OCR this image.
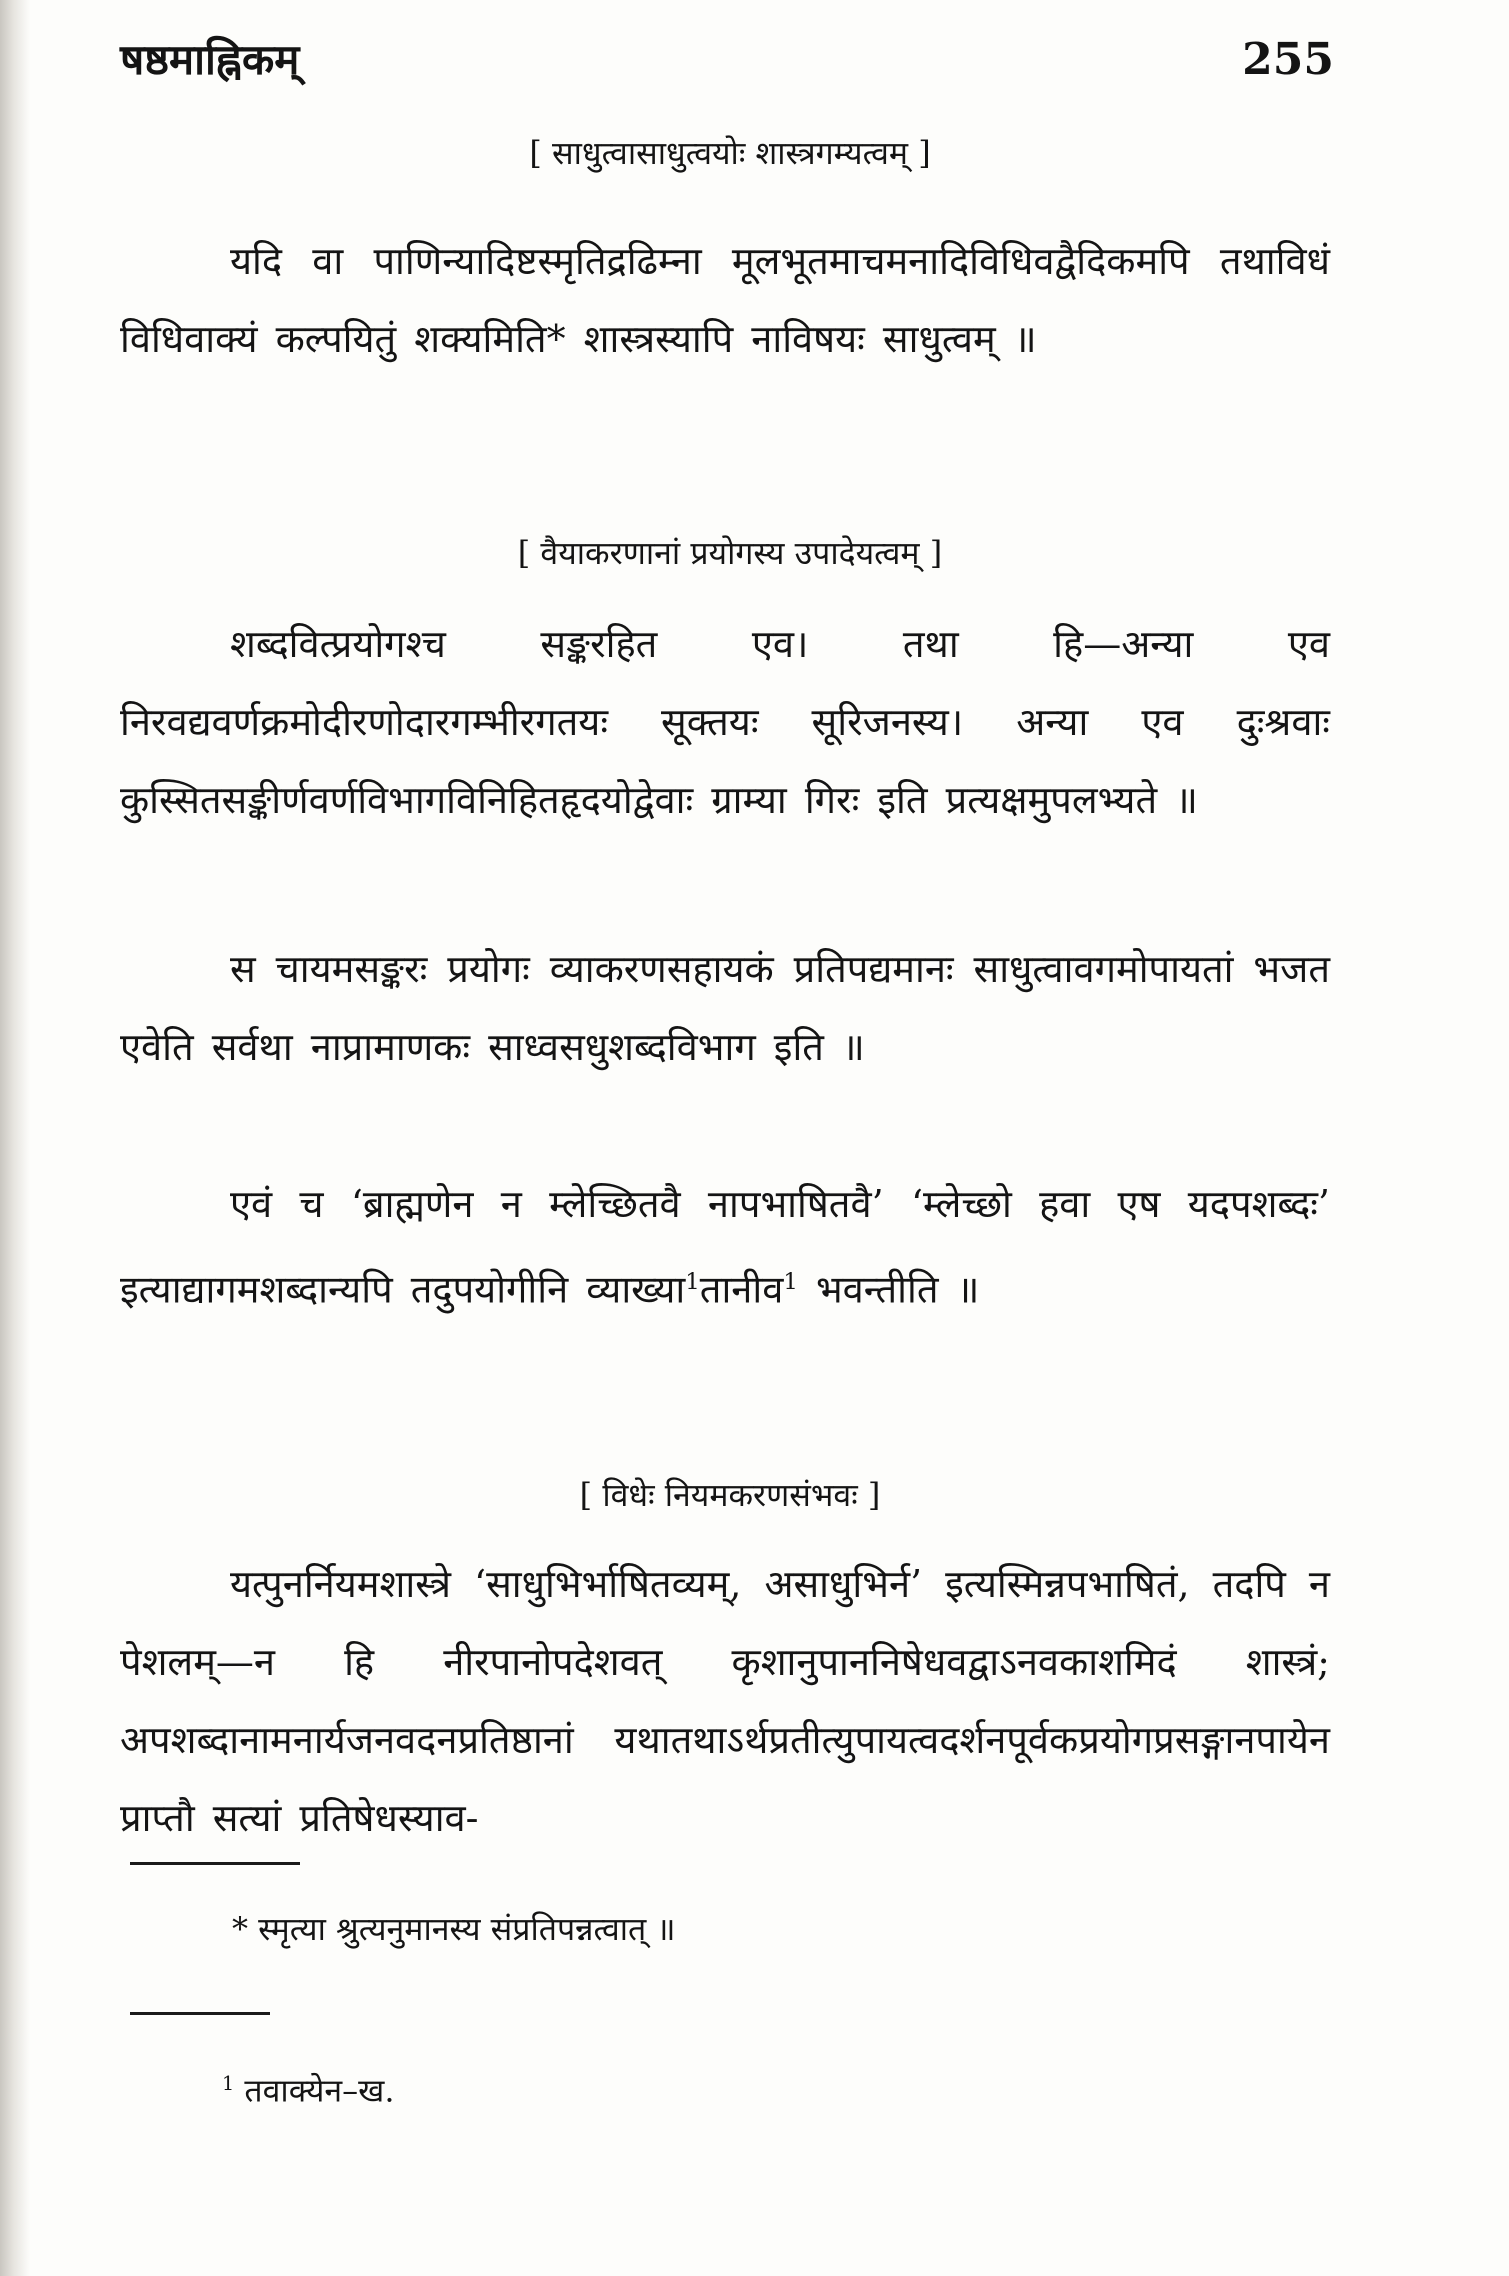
षष्ठमाह्निकम्	255
[ साधुत्वासाधुत्वयोः शास्त्रगम्यत्वम् ]
यदि वा पाणिन्यादिष्टस्मृतिद्रढिम्ना मूलभूतमाचमनादिविधिवद्वैदिकमपि तथाविधं विधिवाक्यं कल्पयितुं शक्यमिति* शास्त्रस्यापि नाविषयः साधुत्वम् ॥
[ वैयाकरणानां प्रयोगस्य उपादेयत्वम् ]
शब्दवित्प्रयोगश्च सङ्करहित एव। तथा हि—अन्या एव निरवद्यवर्णक्रमोदीरणोदारगम्भीरगतयः सूक्तयः सूरिजनस्य। अन्या एव दुःश्रवाः कुस्सितसङ्कीर्णवर्णविभागविनिहितहृदयोद्वेवाः ग्राम्या गिरः इति प्रत्यक्षमुपलभ्यते ॥
स चायमसङ्करः प्रयोगः व्याकरणसहायकं प्रतिपद्यमानः साधुत्वावगमोपायतां भजत एवेति सर्वथा नाप्रामाणकः साध्वसधुशब्दविभाग इति ॥
एवं च ‘ब्राह्मणेन न म्लेच्छितवै नापभाषितवै’ ‘म्लेच्छो हवा एष यदपशब्दः’ इत्याद्यागमशब्दान्यपि तदुपयोगीनि व्याख्या$^1$तानीव$^1$ भवन्तीति ॥
[ विधेः नियमकरणसंभवः ]
यत्पुनर्नियमशास्त्रे ‘साधुभिर्भाषितव्यम्, असाधुभिर्न’ इत्यस्मिन्नपभाषितं, तदपि न पेशलम्—न हि नीरपानोपदेशवत् कृशानुपाननिषेधवद्वाऽनवकाशमिदं शास्त्रं; अपशब्दानामनार्यजनवदनप्रतिष्ठानां यथातथाऽर्थप्रतीत्युपायत्वदर्शनपूर्वकप्रयोगप्रसङ्गानपायेन प्राप्तौ सत्यां प्रतिषेधस्याव-
* स्मृत्या श्रुत्यनुमानस्य संप्रतिपन्नत्वात् ॥
$^1$ तवाक्येन–ख.
